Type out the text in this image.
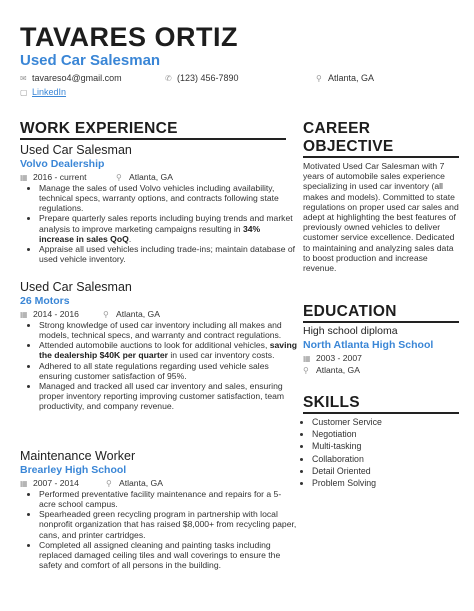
TAVARES ORTIZ
Used Car Salesman
✉ tavareso4@gmail.com	✆ (123) 456-7890	⚲ Atlanta, GA
▢ LinkedIn
WORK EXPERIENCE
Used Car Salesman
Volvo Dealership
▦ 2016 - current	⚲ Atlanta, GA
• Manage the sales of used Volvo vehicles including availability, technical specs, warranty options, and contracts following state regulations.
• Prepare quarterly sales reports including buying trends and market analysis to improve marketing campaigns resulting in 34% increase in sales QoQ.
• Appraise all used vehicles including trade-ins; maintain database of used vehicle inventory.
Used Car Salesman
26 Motors
▦ 2014 - 2016	⚲ Atlanta, GA
• Strong knowledge of used car inventory including all makes and models, technical specs, and warranty and contract regulations.
• Attended automobile auctions to look for additional vehicles, saving the dealership $40K per quarter in used car inventory costs.
• Adhered to all state regulations regarding used vehicle sales ensuring customer satisfaction of 95%.
• Managed and tracked all used car inventory and sales, ensuring proper inventory reporting improving customer satisfaction, team productivity, and company revenue.
Maintenance Worker
Brearley High School
▦ 2007 - 2014	⚲ Atlanta, GA
• Performed preventative facility maintenance and repairs for a 5-acre school campus.
• Spearheaded green recycling program in partnership with local nonprofit organization that has raised $8,000+ from recycling paper, cans, and printer cartridges.
• Completed all assigned cleaning and painting tasks including replaced damaged ceiling tiles and wall coverings to ensure the safety and comfort of all persons in the building.
CAREER
OBJECTIVE
Motivated Used Car Salesman with 7 years of automobile sales experience specializing in used car inventory (all makes and models). Committed to state regulations on proper used car sales and adept at highlighting the best features of previously owned vehicles to deliver customer service excellence. Dedicated to maintaining and analyzing sales data to boost production and increase revenue.
EDUCATION
High school diploma
North Atlanta High School
▦ 2003 - 2007
⚲ Atlanta, GA
SKILLS
• Customer Service
• Negotiation
• Multi-tasking
• Collaboration
• Detail Oriented
• Problem Solving
